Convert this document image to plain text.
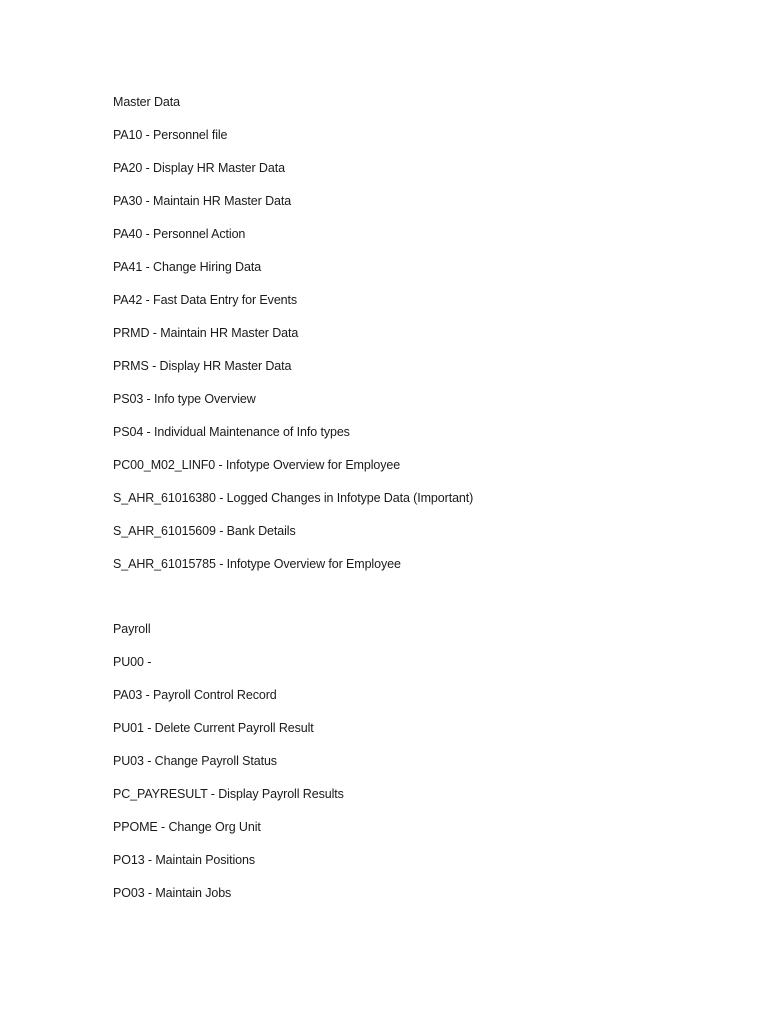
Master Data
PA10 - Personnel file
PA20 - Display HR Master Data
PA30 - Maintain HR Master Data
PA40 - Personnel Action
PA41 - Change Hiring Data
PA42 - Fast Data Entry for Events
PRMD - Maintain HR Master Data
PRMS - Display HR Master Data
PS03 - Info type Overview
PS04 - Individual Maintenance of Info types
PC00_M02_LINF0 - Infotype Overview for Employee
S_AHR_61016380 - Logged Changes in Infotype Data (Important)
S_AHR_61015609 - Bank Details
S_AHR_61015785 - Infotype Overview for Employee
Payroll
PU00 -
PA03 - Payroll Control Record
PU01 - Delete Current Payroll Result
PU03 - Change Payroll Status
PC_PAYRESULT - Display Payroll Results
PPOME - Change Org Unit
PO13 - Maintain Positions
PO03 - Maintain Jobs
